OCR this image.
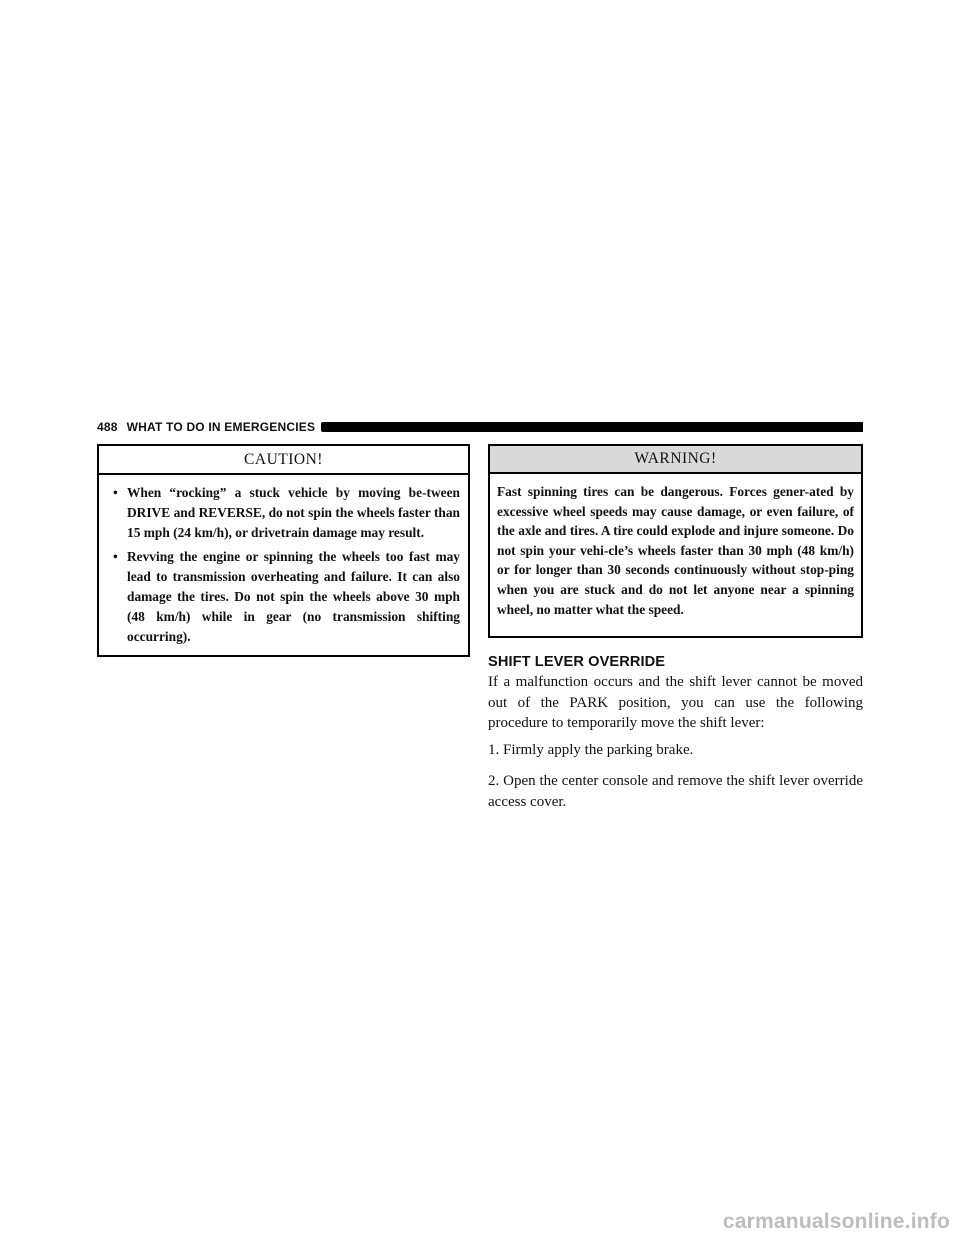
488 WHAT TO DO IN EMERGENCIES
CAUTION!
• When “rocking” a stuck vehicle by moving be-tween DRIVE and REVERSE, do not spin the wheels faster than 15 mph (24 km/h), or drivetrain damage may result.
• Revving the engine or spinning the wheels too fast may lead to transmission overheating and failure. It can also damage the tires. Do not spin the wheels above 30 mph (48 km/h) while in gear (no transmission shifting occurring).
WARNING!

Fast spinning tires can be dangerous. Forces gener-ated by excessive wheel speeds may cause damage, or even failure, of the axle and tires. A tire could explode and injure someone. Do not spin your vehi-cle’s wheels faster than 30 mph (48 km/h) or for longer than 30 seconds continuously without stop-ping when you are stuck and do not let anyone near a spinning wheel, no matter what the speed.

SHIFT LEVER OVERRIDE

If a malfunction occurs and the shift lever cannot be moved out of the PARK position, you can use the following procedure to temporarily move the shift lever:

1. Firmly apply the parking brake.

2. Open the center console and remove the shift lever override access cover.

carmanualsonline.info
